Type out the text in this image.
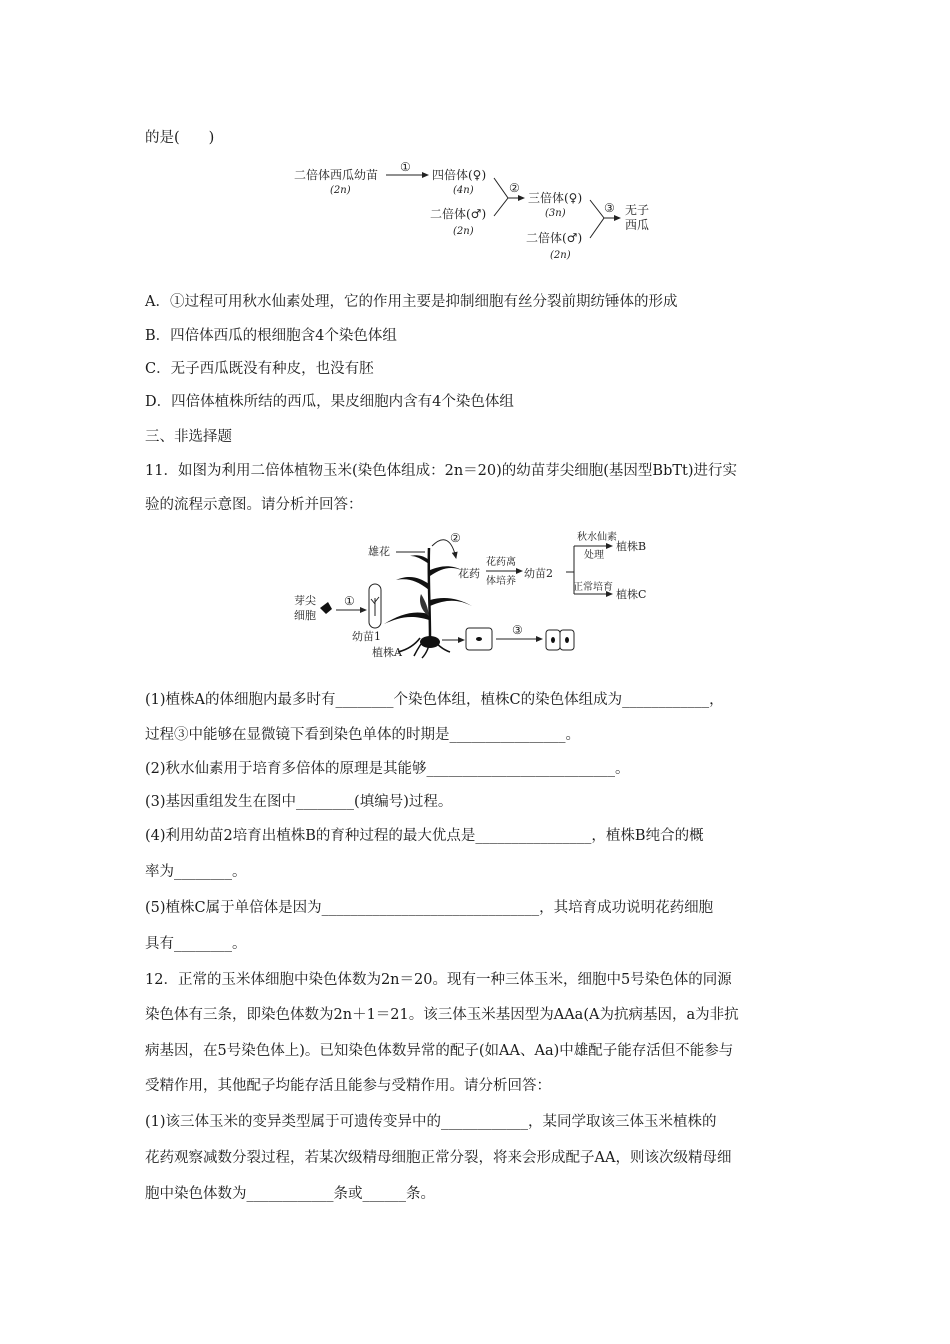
的是(　　)
二倍体西瓜幼苗
(2n)
①
四倍体(♀)
(4n)
二倍体(♂)
(2n)
②
三倍体(♀)
(3n)
二倍体(♂)
(2n)
③ 无子
西瓜
A．①过程可用秋水仙素处理，它的作用主要是抑制细胞有丝分裂前期纺锤体的形成
B．四倍体西瓜的根细胞含4个染色体组
C．无子西瓜既没有种皮，也没有胚
D．四倍体植株所结的西瓜，果皮细胞内含有4个染色体组
三、非选择题
11．如图为利用二倍体植物玉米(染色体组成：2n＝20)的幼苗芽尖细胞(基因型BbTt)进行实
验的流程示意图。请分析并回答：
芽尖
细胞
①
幼苗1
雄花
植株A
③
②
花药
花药离
体培养
幼苗2
秋水仙素
处理
植株B
正常培育
植株C
(1)植株A的体细胞内最多时有________个染色体组，植株C的染色体组成为____________，
过程③中能够在显微镜下看到染色单体的时期是________________。
(2)秋水仙素用于培育多倍体的原理是其能够__________________________。
(3)基因重组发生在图中________(填编号)过程。
(4)利用幼苗2培育出植株B的育种过程的最大优点是________________，植株B纯合的概
率为________。
(5)植株C属于单倍体是因为______________________________，其培育成功说明花药细胞
具有________。
12．正常的玉米体细胞中染色体数为2n＝20。现有一种三体玉米，细胞中5号染色体的同源
染色体有三条，即染色体数为2n＋1＝21。该三体玉米基因型为AAa(A为抗病基因，a为非抗
病基因，在5号染色体上)。已知染色体数异常的配子(如AA、Aa)中雄配子能存活但不能参与
受精作用，其他配子均能存活且能参与受精作用。请分析回答：
(1)该三体玉米的变异类型属于可遗传变异中的____________，某同学取该三体玉米植株的
花药观察减数分裂过程，若某次级精母细胞正常分裂，将来会形成配子AA，则该次级精母细
胞中染色体数为____________条或______条。
